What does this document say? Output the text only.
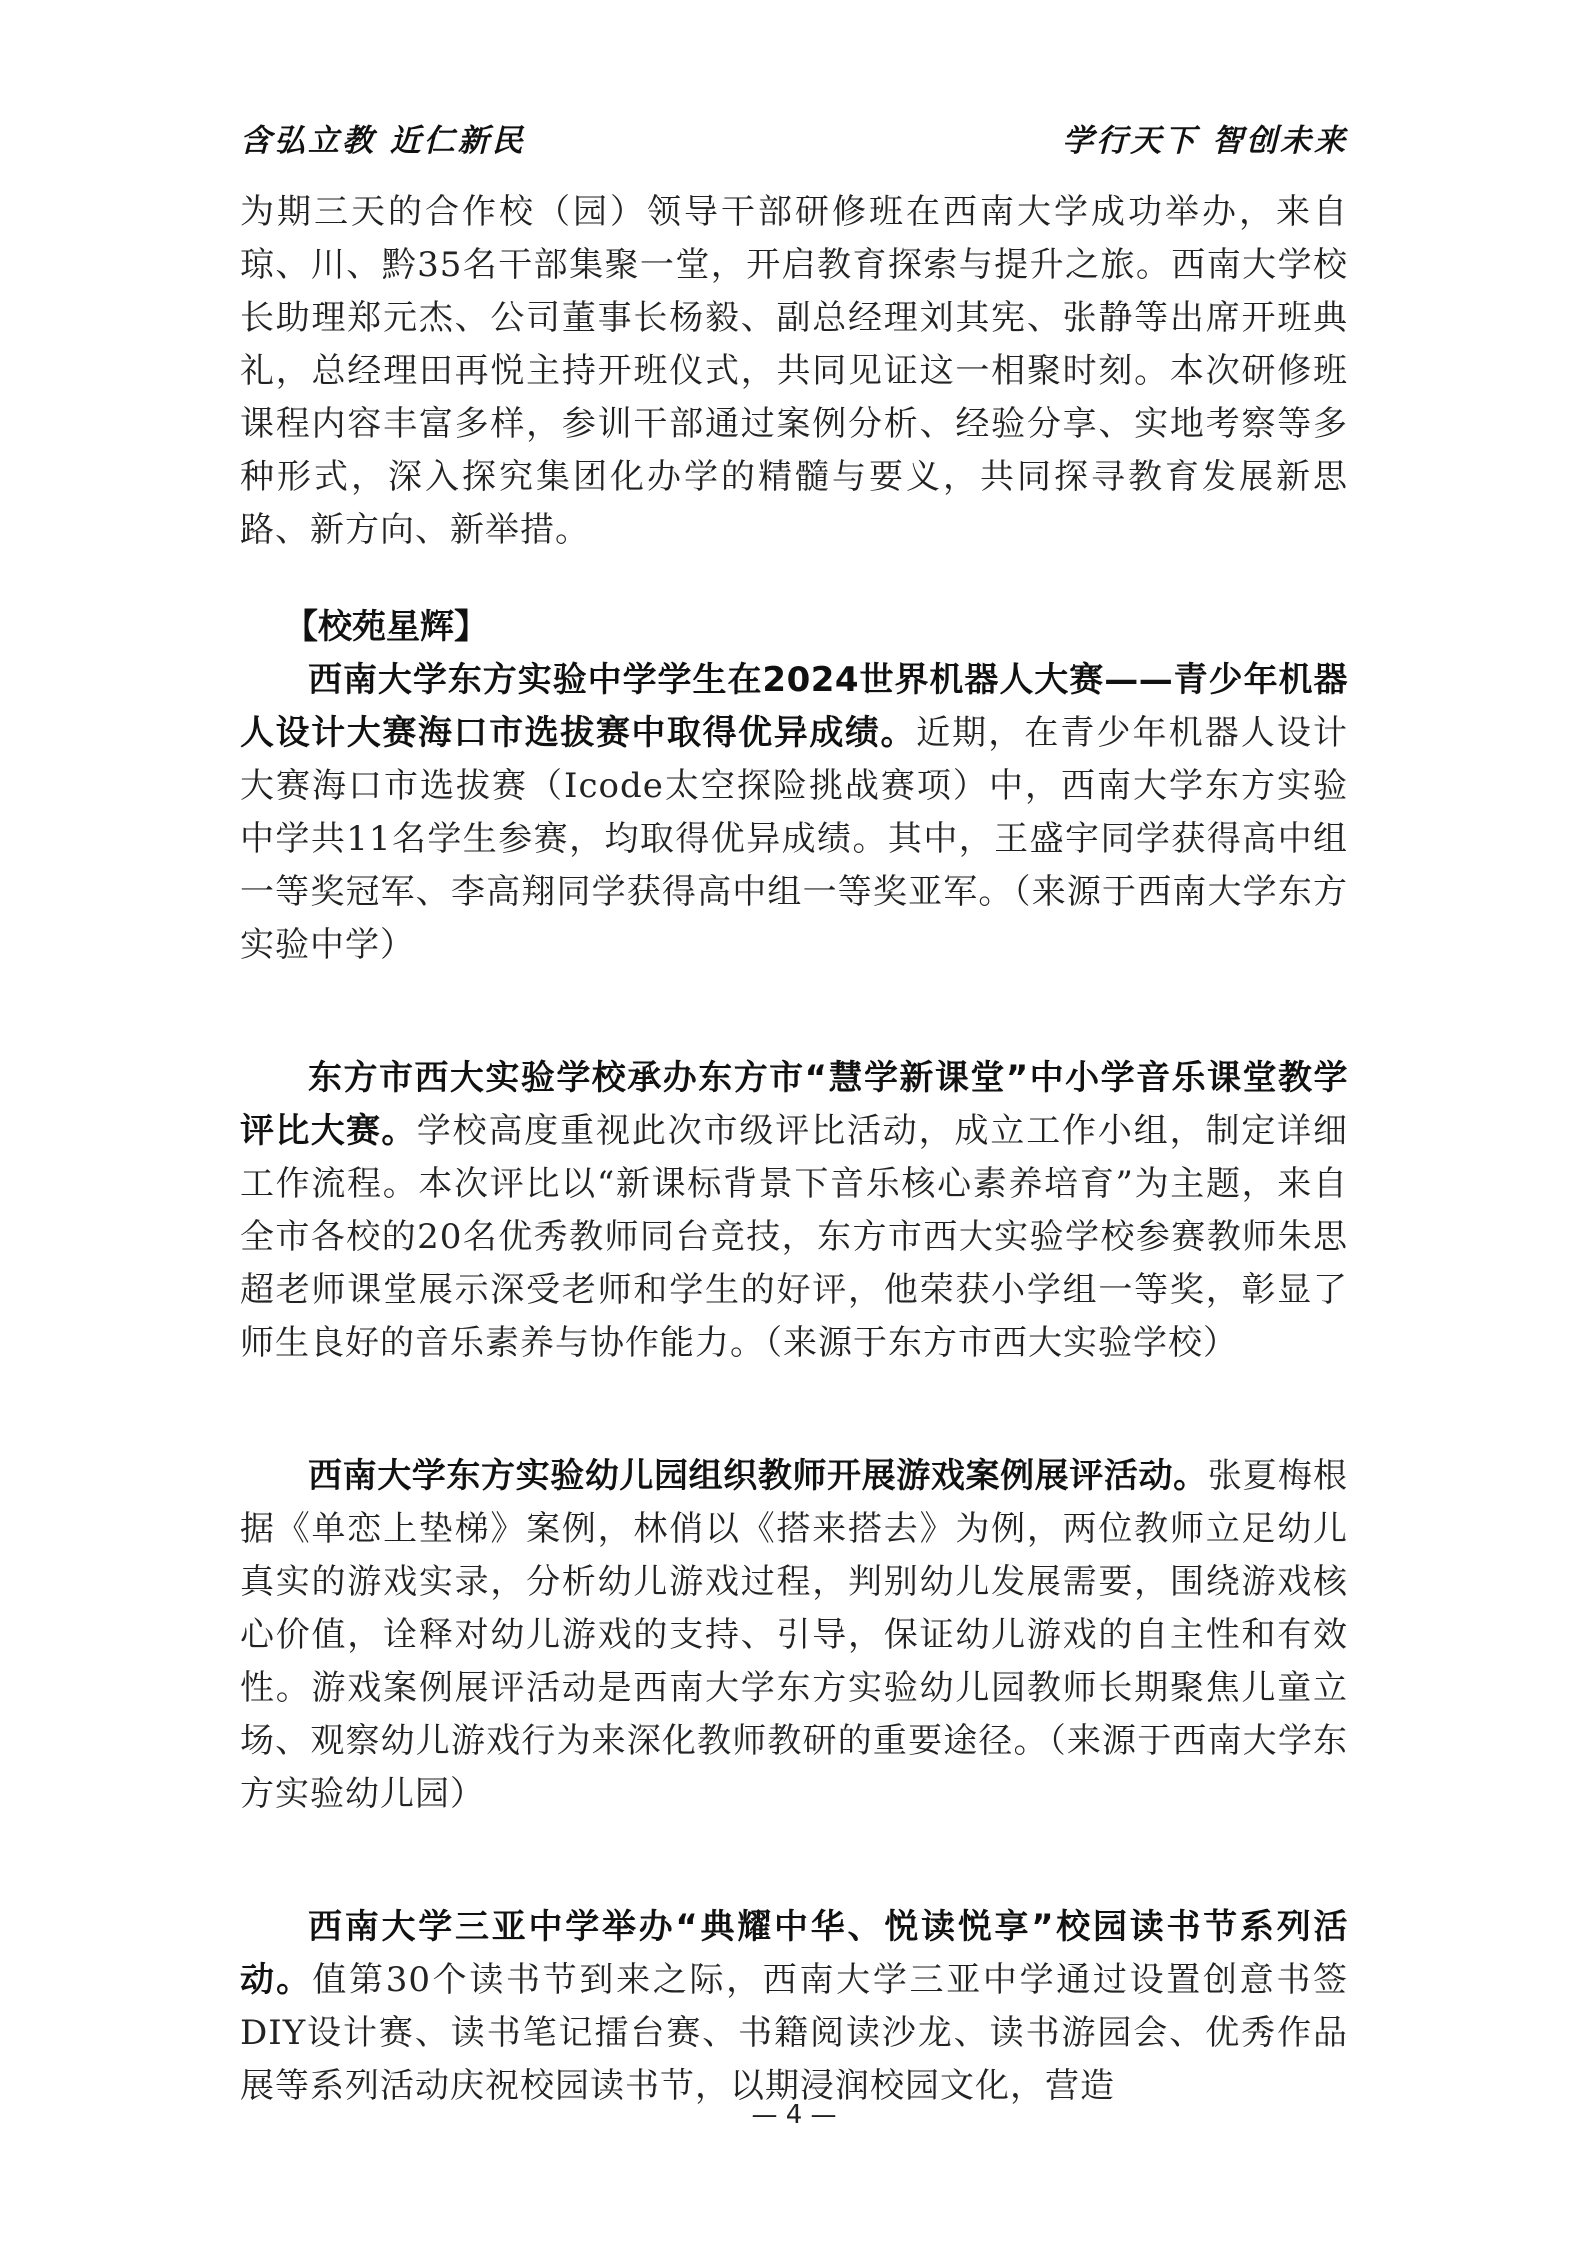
含弘立教 近仁新民	学行天下 智创未来

为期三天的合作校（园）领导干部研修班在西南大学成功举办，来自琼、川、黔35名干部集聚一堂，开启教育探索与提升之旅。西南大学校长助理郑元杰、公司董事长杨毅、副总经理刘其宪、张静等出席开班典礼，总经理田再悦主持开班仪式，共同见证这一相聚时刻。本次研修班课程内容丰富多样，参训干部通过案例分析、经验分享、实地考察等多种形式，深入探究集团化办学的精髓与要义，共同探寻教育发展新思路、新方向、新举措。

【校苑星辉】

西南大学东方实验中学学生在2024世界机器人大赛——青少年机器人设计大赛海口市选拔赛中取得优异成绩。近期，在青少年机器人设计大赛海口市选拔赛（Icode太空探险挑战赛项）中，西南大学东方实验中学共11名学生参赛，均取得优异成绩。其中，王盛宇同学获得高中组一等奖冠军、李高翔同学获得高中组一等奖亚军。（来源于西南大学东方实验中学）

东方市西大实验学校承办东方市“慧学新课堂”中小学音乐课堂教学评比大赛。学校高度重视此次市级评比活动，成立工作小组，制定详细工作流程。本次评比以“新课标背景下音乐核心素养培育”为主题，来自全市各校的20名优秀教师同台竞技，东方市西大实验学校参赛教师朱思超老师课堂展示深受老师和学生的好评，他荣获小学组一等奖，彰显了师生良好的音乐素养与协作能力。（来源于东方市西大实验学校）

西南大学东方实验幼儿园组织教师开展游戏案例展评活动。张夏梅根据《单恋上垫梯》案例，林俏以《搭来搭去》为例，两位教师立足幼儿真实的游戏实录，分析幼儿游戏过程，判别幼儿发展需要，围绕游戏核心价值，诠释对幼儿游戏的支持、引导，保证幼儿游戏的自主性和有效性。游戏案例展评活动是西南大学东方实验幼儿园教师长期聚焦儿童立场、观察幼儿游戏行为来深化教师教研的重要途径。（来源于西南大学东方实验幼儿园）

西南大学三亚中学举办“典耀中华、悦读悦享”校园读书节系列活动。值第30个读书节到来之际，西南大学三亚中学通过设置创意书签DIY设计赛、读书笔记擂台赛、书籍阅读沙龙、读书游园会、优秀作品展等系列活动庆祝校园读书节，以期浸润校园文化，营造

— 4 —
